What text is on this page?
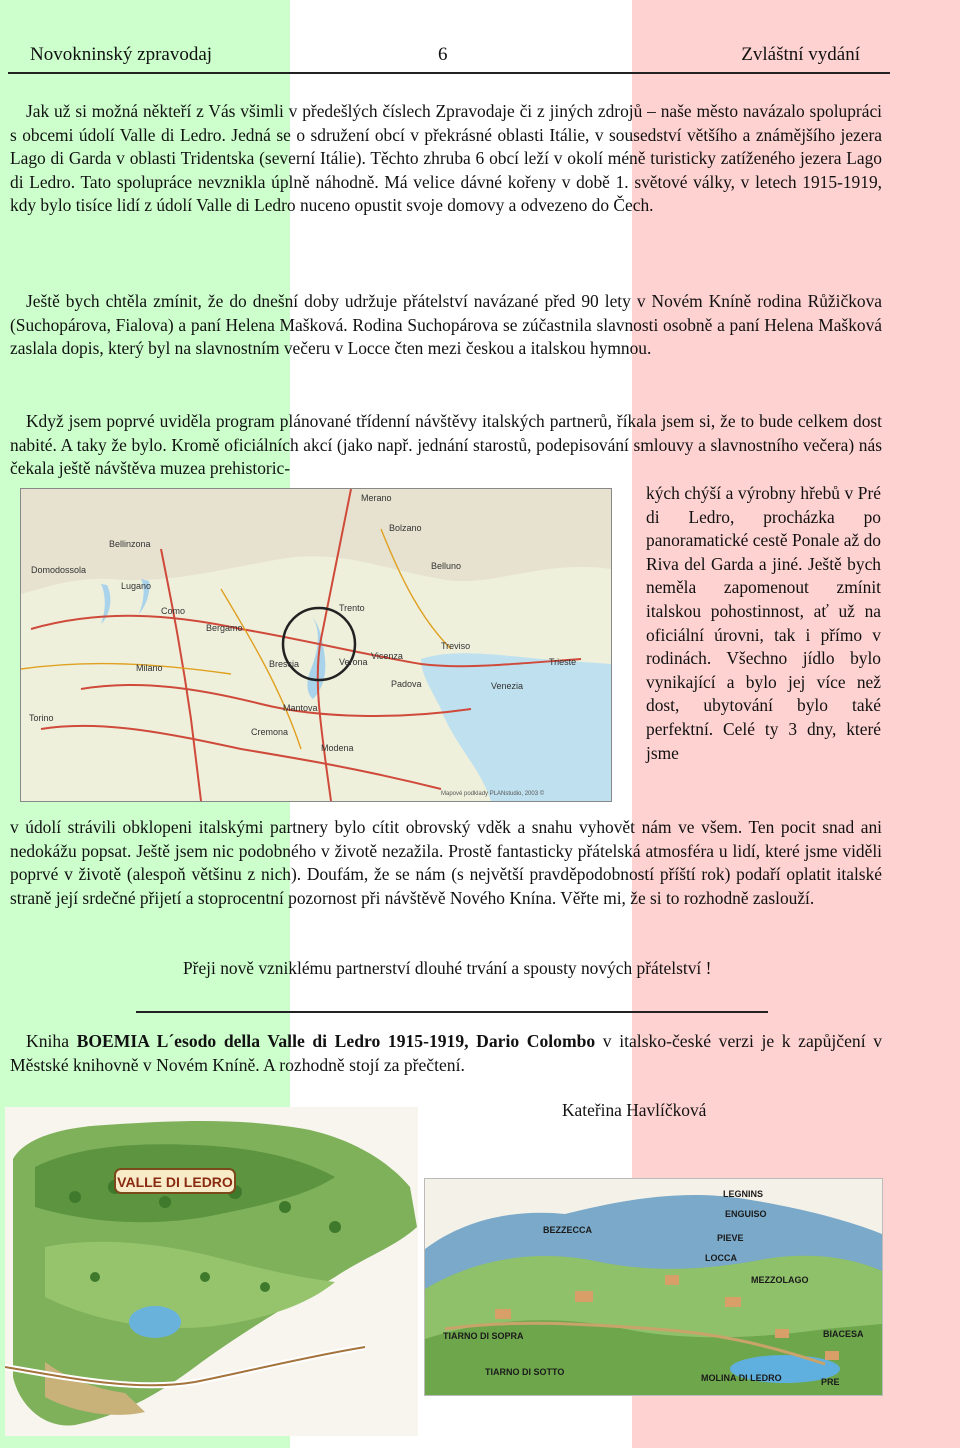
Novokninský zpravodaj	6	Zvláštní vydání
Jak už si možná někteří z Vás všimli v předešlých číslech Zpravodaje či z jiných zdrojů – naše město navázalo spolupráci s obcemi údolí Valle di Ledro. Jedná se o sdružení obcí v překrásné oblasti Itálie, v sousedství většího a známějšího jezera Lago di Garda v oblasti Tridentska (severní Itálie). Těchto zhruba 6 obcí leží v okolí méně turisticky zatíženého jezera Lago di Ledro. Tato spolupráce nevznikla úplně náhodně. Má velice dávné kořeny v době 1. světové války, v letech 1915-1919, kdy bylo tisíce lidí z údolí Valle di Ledro nuceno opustit svoje domovy a odvezeno do Čech.
Ještě bych chtěla zmínit, že do dnešní doby udržuje přátelství navázané před 90 lety v Novém Kníně rodina Růžičkova (Suchopárova, Fialova) a paní Helena Mašková. Rodina Suchopárova se zúčastnila slavnosti osobně a paní Helena Mašková zaslala dopis, který byl na slavnostním večeru v Locce čten mezi českou a italskou hymnou.
Když jsem poprvé uviděla program plánované třídenní návštěvy italských partnerů, říkala jsem si, že to bude celkem dost nabité. A taky že bylo. Kromě oficiálních akcí (jako např. jednání starostů, podepisování smlouvy a slavnostního večera) nás čekala ještě návštěva muzea prehistoric-
Merano
Bolzano
Bellinzona
Lugano
Domodossola
Como
Bergamo
Brescia	Verona
Vicenza
Padova	Venezia
Treviso
Trieste
Milano
Torino
Mantova
Cremona
Modena
Belluno
Trento
Mapové podklady PLANstudio, 2003 ©
kých chýší a výrobny hřebů v Pré di Ledro, procházka po panoramatické cestě Ponale až do Riva del Garda a jiné. Ještě bych neměla zapomenout zmínit italskou pohostinnost, ať už na oficiální úrovni, tak i přímo v rodinách. Všechno jídlo bylo vynikající a bylo jej více než dost, ubytování bylo také perfektní. Celé ty 3 dny, které jsme
v údolí strávili obklopeni italskými partnery bylo cítit obrovský vděk a snahu vyhovět nám ve všem. Ten pocit snad ani nedokážu popsat. Ještě jsem nic podobného v životě nezažila. Prostě fantasticky přátelská atmosféra u lidí, které jsme viděli poprvé v životě (alespoň většinu z nich). Doufám, že se nám (s největší pravděpodobností příští rok) podaří oplatit italské straně její srdečné přijetí a stoprocentní pozornost při návštěvě Nového Knína. Věřte mi, že si to rozhodně zaslouží.
Přeji nově vzniklému partnerství dlouhé trvání a spousty nových přátelství !
Kniha BOEMIA L´esodo della Valle di Ledro 1915-1919, Dario Colombo v italsko-české verzi je k zapůjčení v Městské knihovně v Novém Kníně. A rozhodně stojí za přečtení.
Kateřina Havlíčková
VALLE DI LEDRO
LEGNINS
ENGUISO
LOCCA
PIEVE
MEZZOLAGO
BIACESA
PRE
MOLINA DI LEDRO
TIARNO DI SOPRA
TIARNO DI SOTTO
BEZZECCA
